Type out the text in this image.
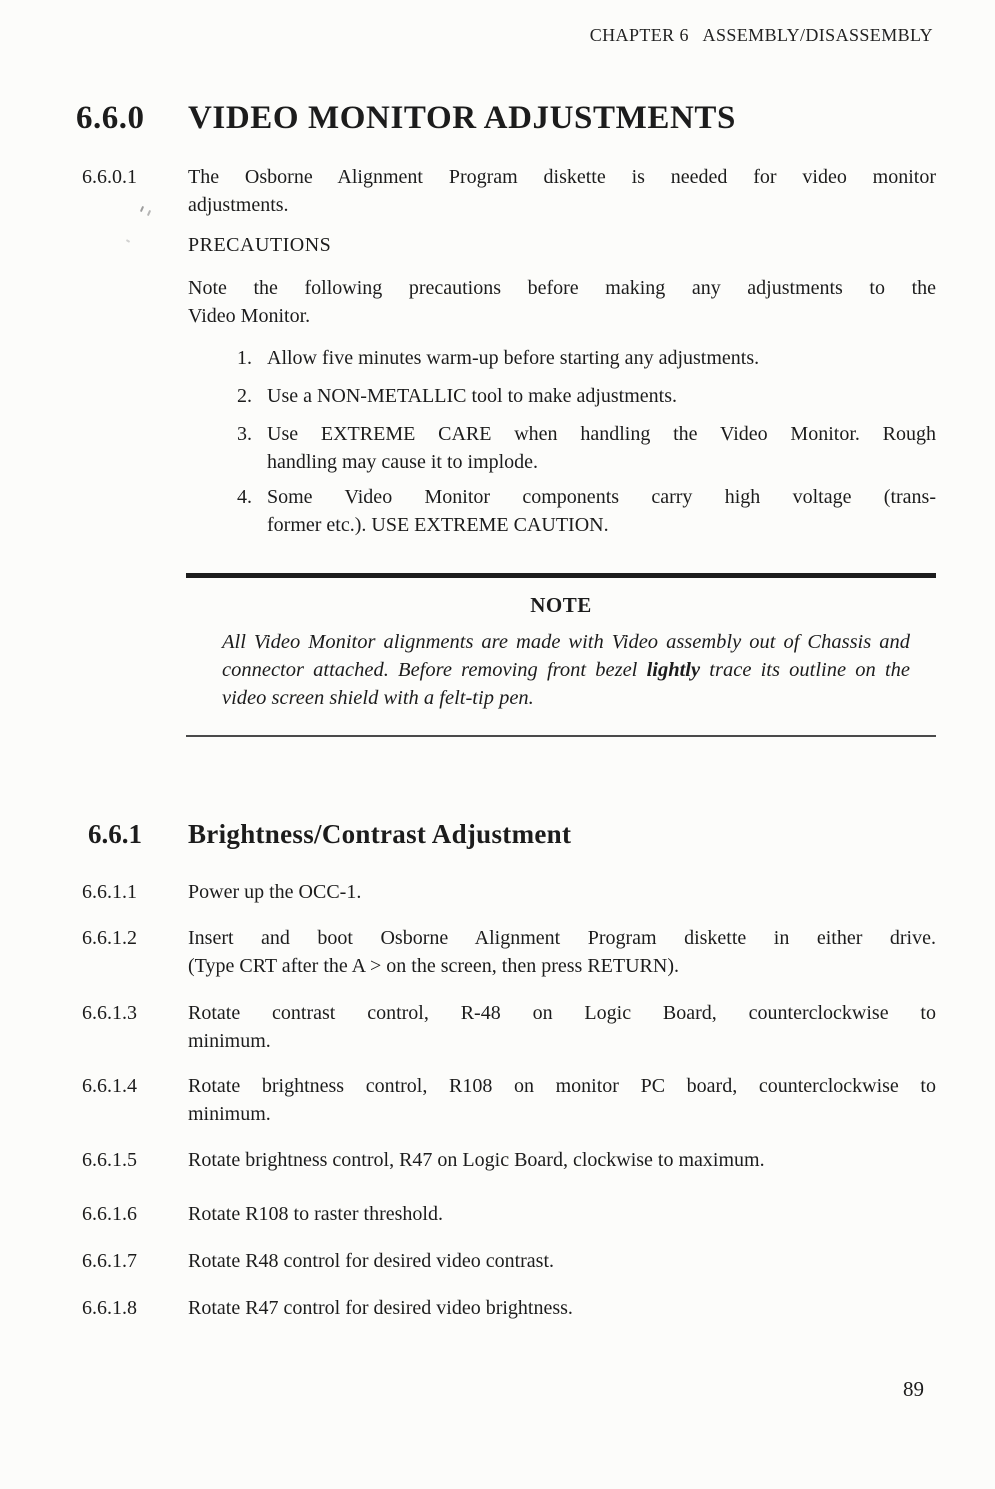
CHAPTER 6   ASSEMBLY/DISASSEMBLY
6.6.0	VIDEO MONITOR ADJUSTMENTS
6.6.0.1	The Osborne Alignment Program diskette is needed for video monitor
adjustments.
PRECAUTIONS
Note the following precautions before making any adjustments to the
Video Monitor.
1. Allow five minutes warm-up before starting any adjustments.
2. Use a NON-METALLIC tool to make adjustments.
3. Use EXTREME CARE when handling the Video Monitor. Rough
handling may cause it to implode.
4. Some Video Monitor components carry high voltage (trans-
former etc.). USE EXTREME CAUTION.
NOTE
All Video Monitor alignments are made with Video assembly out of Chassis and
connector attached. Before removing front bezel lightly trace its outline on the
video screen shield with a felt-tip pen.
6.6.1	Brightness/Contrast Adjustment
6.6.1.1	Power up the OCC-1.
6.6.1.2	Insert and boot Osborne Alignment Program diskette in either drive.
(Type CRT after the A > on the screen, then press RETURN).
6.6.1.3	Rotate contrast control, R-48 on Logic Board, counterclockwise to
minimum.
6.6.1.4	Rotate brightness control, R108 on monitor PC board, counterclockwise to
minimum.
6.6.1.5	Rotate brightness control, R47 on Logic Board, clockwise to maximum.
6.6.1.6	Rotate R108 to raster threshold.
6.6.1.7	Rotate R48 control for desired video contrast.
6.6.1.8	Rotate R47 control for desired video brightness.
89
